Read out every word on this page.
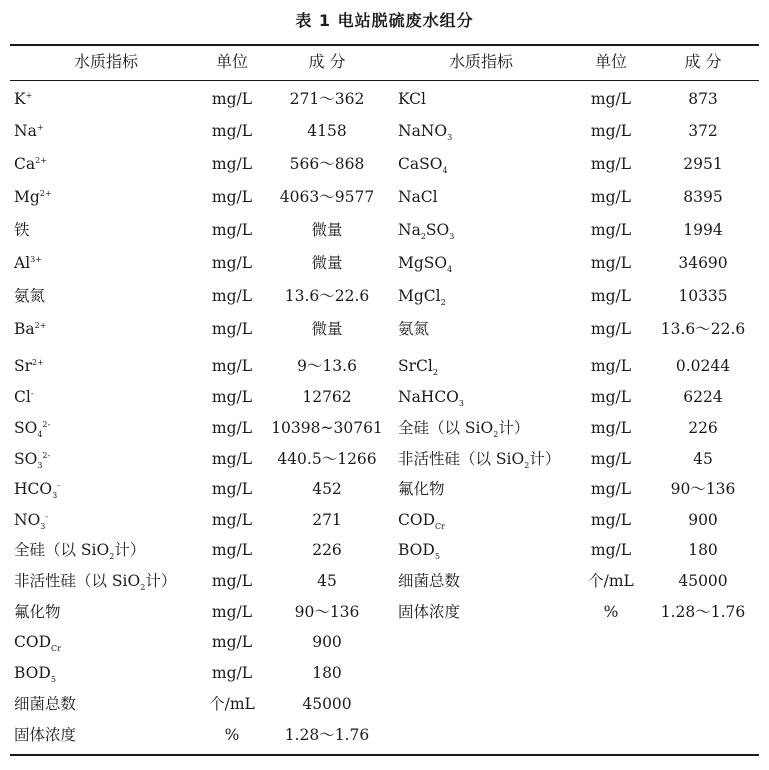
表 1 电站脱硫废水组分
水质指标	单位	成 分	水质指标	单位	成 分
K+	mg/L	271～362	KCl	mg/L	873
Na+	mg/L	4158	NaNO$_3$	mg/L	372
$Ca^{2+}$	mg/L	566～868	CaSO$_4$	mg/L	2951
$Mg^{2+}$	mg/L	4063～9577	NaCl	mg/L	8395
铁	mg/L	微量	$Na_2SO_3$	mg/L	1994
$Al^{3+}$	mg/L	微量	MgSO$_4$	mg/L	34690
氨氮	mg/L	13.6～22.6	MgCl$_2$	mg/L	10335
$Ba^{2+}$	mg/L	微量	氨氮	mg/L	13.6～22.6
$Sr^{2+}$	mg/L	9～13.6	SrCl$_2$	mg/L	0.0244
Cl-	mg/L	12762	NaHCO$_3$	mg/L	6224
$SO_4^{2-}$	mg/L	10398~30761 全硅（以 SiO$_2$计）	mg/L	226
$SO_3^{2-}$	mg/L	440.5～1266	非活性硅（以 SiO$_2$计）	mg/L	45
$HCO_3^-$	mg/L	452	氟化物	mg/L	90～136
$NO_3^-$	mg/L	271	$COD_{Cr}$	mg/L	900
全硅（以 SiO$_2$计）	mg/L	226	$BOD_5$	mg/L	180
非活性硅（以 SiO$_2$计）	mg/L	45	细菌总数	个/mL	45000
氟化物	mg/L	90～136	固体浓度	%	1.28～1.76
$COD_{Cr}$	mg/L	900
$BOD_5$	mg/L	180
细菌总数	个/mL	45000
固体浓度	%	1.28～1.76
